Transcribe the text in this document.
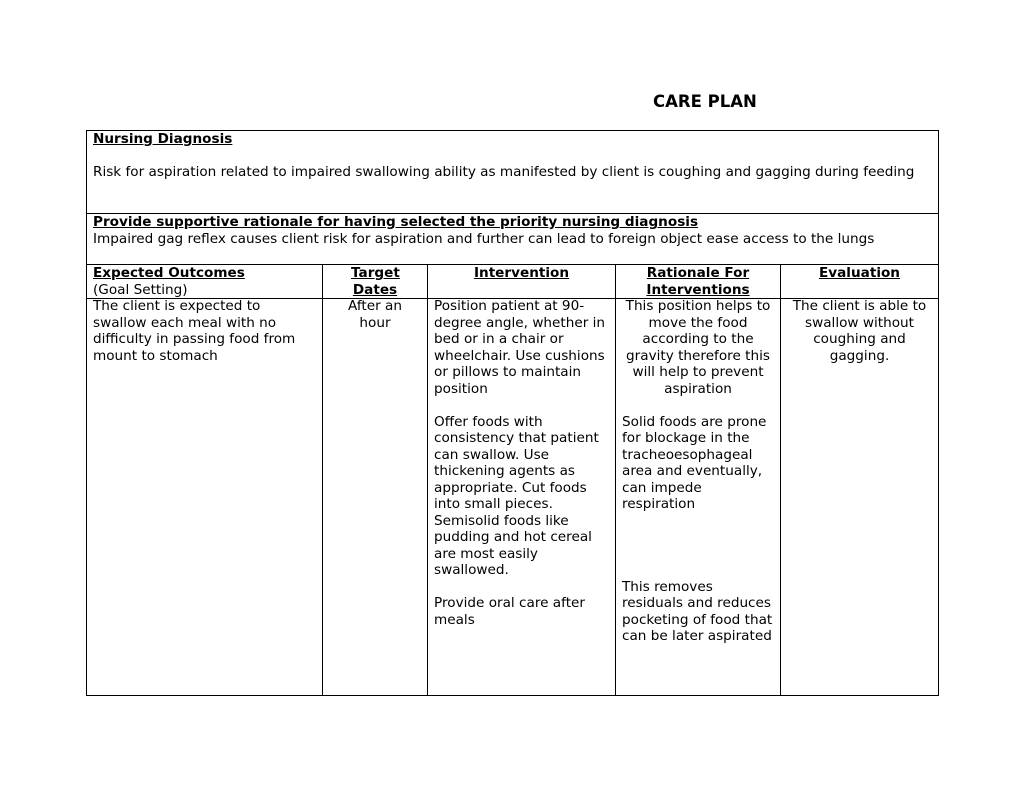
CARE PLAN
Nursing Diagnosis
Risk for aspiration related to impaired swallowing ability as manifested by client is coughing and gagging during feeding
Provide supportive rationale for having selected the priority nursing diagnosis
Impaired gag reflex causes client risk for aspiration and further can lead to foreign object ease access to the lungs
Expected Outcomes
(Goal Setting)
The client is expected to swallow each meal with no difficulty in passing food from mount to stomach
Target Dates
After an hour
Intervention

Position patient at 90-degree angle, whether in bed or in a chair or wheelchair. Use cushions or pillows to maintain position

Offer foods with consistency that patient can swallow. Use thickening agents as appropriate. Cut foods into small pieces. Semisolid foods like pudding and hot cereal are most easily swallowed.

Provide oral care after meals

Rationale For Interventions

This position helps to move the food according to the gravity therefore this will help to prevent aspiration

Solid foods are prone for blockage in the tracheoesophageal area and eventually, can impede respiration

This removes residuals and reduces pocketing of food that can be later aspirated

Evaluation
The client is able to swallow without coughing and gagging.
